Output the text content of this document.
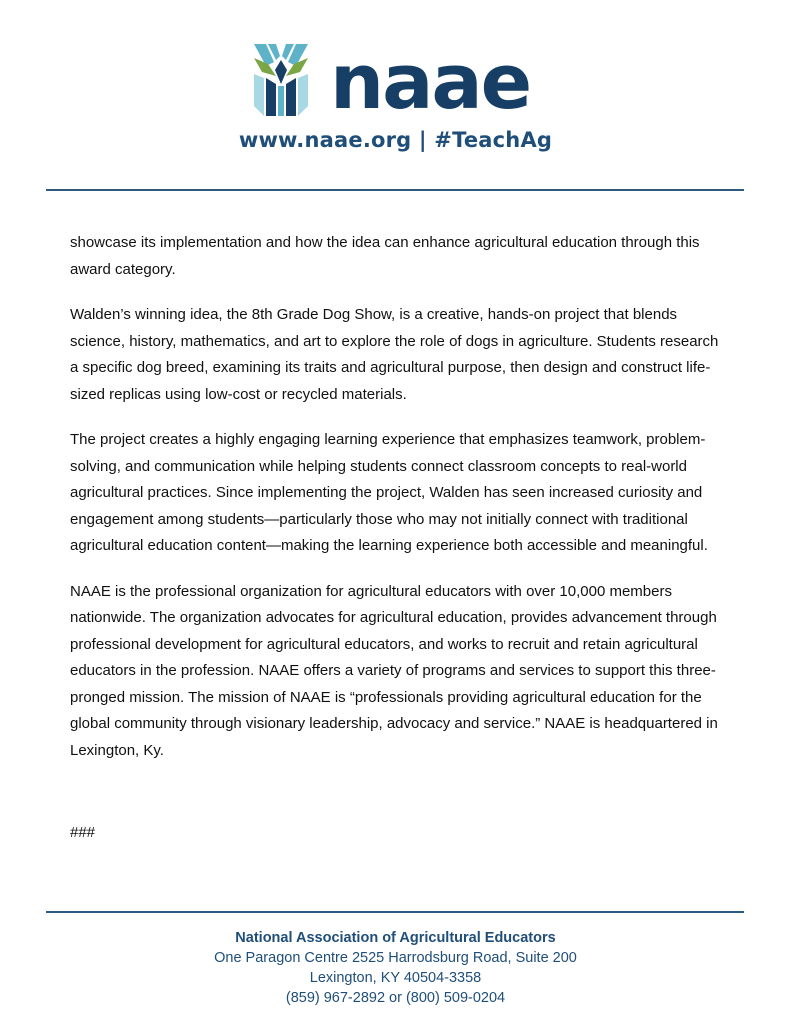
naae
www.naae.org | #TeachAg

showcase its implementation and how the idea can enhance agricultural education through this award category.

Walden’s winning idea, the 8th Grade Dog Show, is a creative, hands-on project that blends science, history, mathematics, and art to explore the role of dogs in agriculture. Students research a specific dog breed, examining its traits and agricultural purpose, then design and construct life-sized replicas using low-cost or recycled materials.

The project creates a highly engaging learning experience that emphasizes teamwork, problem-solving, and communication while helping students connect classroom concepts to real-world agricultural practices. Since implementing the project, Walden has seen increased curiosity and engagement among students—particularly those who may not initially connect with traditional agricultural education content—making the learning experience both accessible and meaningful.

NAAE is the professional organization for agricultural educators with over 10,000 members nationwide. The organization advocates for agricultural education, provides advancement through professional development for agricultural educators, and works to recruit and retain agricultural educators in the profession. NAAE offers a variety of programs and services to support this three-pronged mission. The mission of NAAE is “professionals providing agricultural education for the global community through visionary leadership, advocacy and service.” NAAE is headquartered in Lexington, Ky.

###
National Association of Agricultural Educators
One Paragon Centre 2525 Harrodsburg Road, Suite 200
Lexington, KY 40504-3358
(859) 967-2892 or (800) 509-0204
